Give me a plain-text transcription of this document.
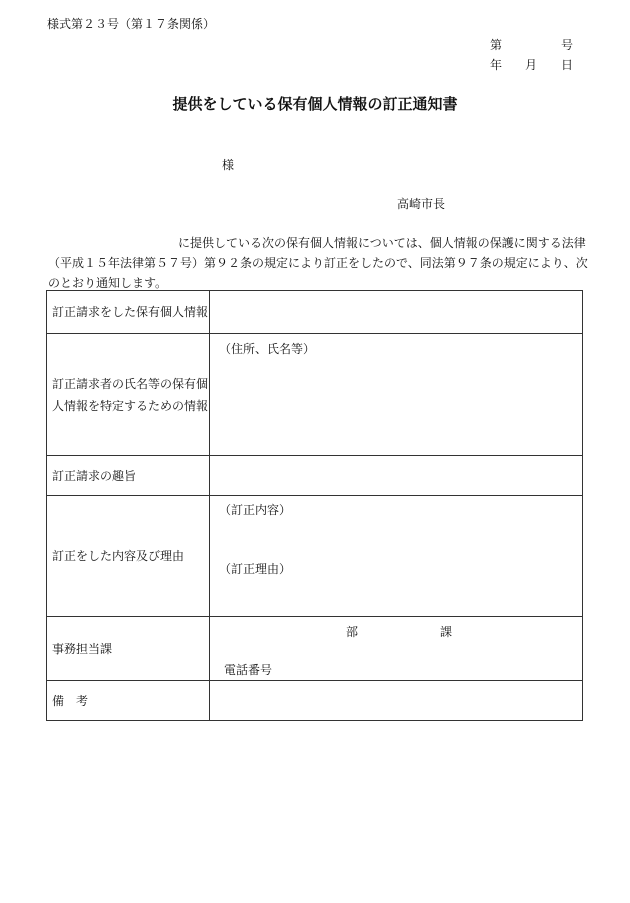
様式第２３号（第１７条関係）
第	号
年 月 日
提供をしている保有個人情報の訂正通知書
様
高崎市長
に提供している次の保有個人情報については、個人情報の保護に関する法律
（平成１５年法律第５７号）第９２条の規定により訂正をしたので、同法第９７条の規定により、次のとおり通知します。
訂正請求をした保有個人情報	
訂正請求者の氏名等の保有個人情報を特定するための情報	（住所、氏名等）

訂正請求の趣旨	
訂正をした内容及び理由	（訂正内容）
（訂正理由）

事務担当課	部 課
電話番号

備　考	
